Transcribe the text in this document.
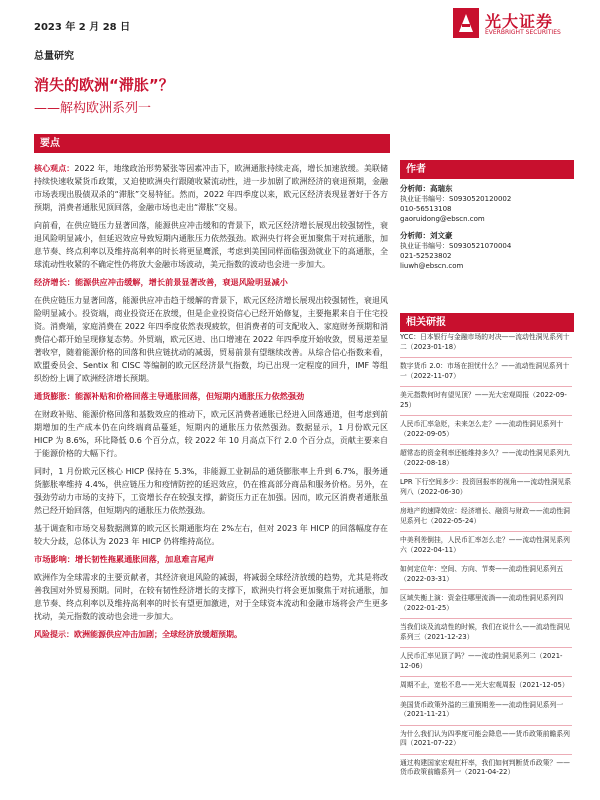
2023 年 2 月 28 日	光大证券
EVERBRIGHT SECURITIES
总量研究
消失的欧洲“滞胀”？
——解构欧洲系列一
要点

核心观点：2022 年，地缘政治形势紧张等因素冲击下，欧洲通胀持续走高，增长加速放缓。美联储持续快速收紧货币政策，又迫使欧洲央行跟随收紧流动性，进一步加剧了欧洲经济的衰退预期，金融市场表现出股债双杀的“滞胀”交易特征。然而，2022 年四季度以来，欧元区经济表现显著好于各方预期，消费者通胀见顶回落，金融市场也走出“滞胀”交易。

向前看，在供应链压力显著回落，能源供应冲击缓和的背景下，欧元区经济增长展现出较强韧性，衰退风险明显减小，但延迟效应导致短期内通胀压力依然强劲。欧洲央行将会更加聚焦于对抗通胀，加息节奏、终点利率以及维持高利率的时长将更显鹰派，考虑到美国同样面临强劲就业下的高通胀，全球流动性收紧的不确定性仍将放大金融市场波动，美元指数的波动也会进一步加大。

经济增长：能源供应冲击缓解，增长前景显著改善，衰退风险明显减小

在供应链压力显著回落，能源供应冲击趋于缓解的背景下，欧元区经济增长展现出较强韧性，衰退风险明显减小。投资端，商业投资还在放缓，但是企业投资信心已经开始修复，主要拖累来自于住宅投资。消费端，家庭消费在 2022 年四季度依然表现疲软，但消费者的可支配收入、家庭财务预期和消费信心都开始呈现修复态势。外贸端，欧元区进、出口增速在 2022 年四季度开始收敛，贸易逆差显著收窄，随着能源价格的回落和供应链扰动的减弱，贸易前景有望继续改善。从综合信心指数来看，欧盟委员会、Sentix 和 CISC 等编制的欧元区经济景气指数，均已出现一定程度的回升，IMF 等组织纷纷上调了欧洲经济增长预期。

通货膨胀：能源补贴和价格回落主导通胀回落，但短期内通胀压力依然强劲

在财政补贴、能源价格回落和基数效应的推动下，欧元区消费者通胀已经进入回落通道，但考虑到前期增加的生产成本仍在向终端商品蔓延，短期内的通胀压力依然强劲。数据显示，1 月份欧元区 HICP 为 8.6%，环比降低 0.6 个百分点，较 2022 年 10 月高点下行 2.0 个百分点，贡献主要来自于能源价格的大幅下行。

同时，1 月份欧元区核心 HICP 保持在 5.3%，非能源工业制品的通货膨胀率上升到 6.7%，服务通货膨胀率维持 4.4%，供应链压力和疫情防控的延迟效应，仍在推高部分商品和服务价格。另外，在强劲劳动力市场的支持下，工资增长存在较强支撑，薪资压力正在加强。因而，欧元区消费者通胀虽然已经开始回落，但短期内的通胀压力依然强劲。

基于调查和市场交易数据测算的欧元区长期通胀均在 2%左右，但对 2023 年 HICP 的回落幅度存在较大分歧，总体认为 2023 年 HICP 仍将维持高位。

市场影响：增长韧性拖累通胀回落，加息难言尾声

欧洲作为全球需求的主要贡献者，其经济衰退风险的减弱，将减弱全球经济放缓的趋势，尤其是将改善我国对外贸易预期。同时，在较有韧性经济增长的支撑下，欧洲央行将会更加聚焦于对抗通胀，加息节奏、终点利率以及维持高利率的时长有望更加激进，对于全球资本流动和金融市场将会产生更多扰动，美元指数的波动也会进一步加大。

风险提示：欧洲能源供应冲击加剧；全球经济放缓超预期。

作者
分析师：高瑞东
执业证书编号：S0930520120002
010-56513108
gaoruidong@ebscn.com
分析师：刘文豪
执业证书编号：S0930521070004
021-52523802
liuwh@ebscn.com
相关研报
YCC：日本银行与金融市场的对决——流动性洞见系列十二（2023-01-18）
数字货币 2.0：市场在担忧什么？——流动性洞见系列十一（2022-11-07）
美元指数何时有望见顶？——光大宏观周报（2022-09-25）
人民币汇率急贬，未来怎么走？——流动性洞见系列十（2022-09-05）
超常态的资金利率还能维持多久？——流动性洞见系列九（2022-08-18）
LPR 下行空间多少：投资回报率的视角——流动性洞见系列八（2022-06-30）
房地产的速降效应：经济增长、融资与财政——流动性洞见系列七（2022-05-24）
中美利差倒挂，人民币汇率怎么走？——流动性洞见系列六（2022-04-11）
如何定位年：空间、方向、节奏——流动性洞见系列五（2022-03-31）
区域失衡上演：资金往哪里流淌——流动性洞见系列四（2022-01-25）
当我们谈及流动性的时候，我们在说什么——流动性洞见系列三（2021-12-23）
人民币汇率见顶了吗？——流动性洞见系列二（2021-12-06）
周期不止，宽松不息——光大宏观周报（2021-12-05）
美国货币政策外溢的三重预期差——流动性洞见系列一（2021-11-21）
为什么我们认为四季度可能会降息——货币政策前瞻系列四（2021-07-22）
通过构建国家宏观杠杆率，我们如何判断货币政策？——货币政策前瞻系列一（2021-04-22）
